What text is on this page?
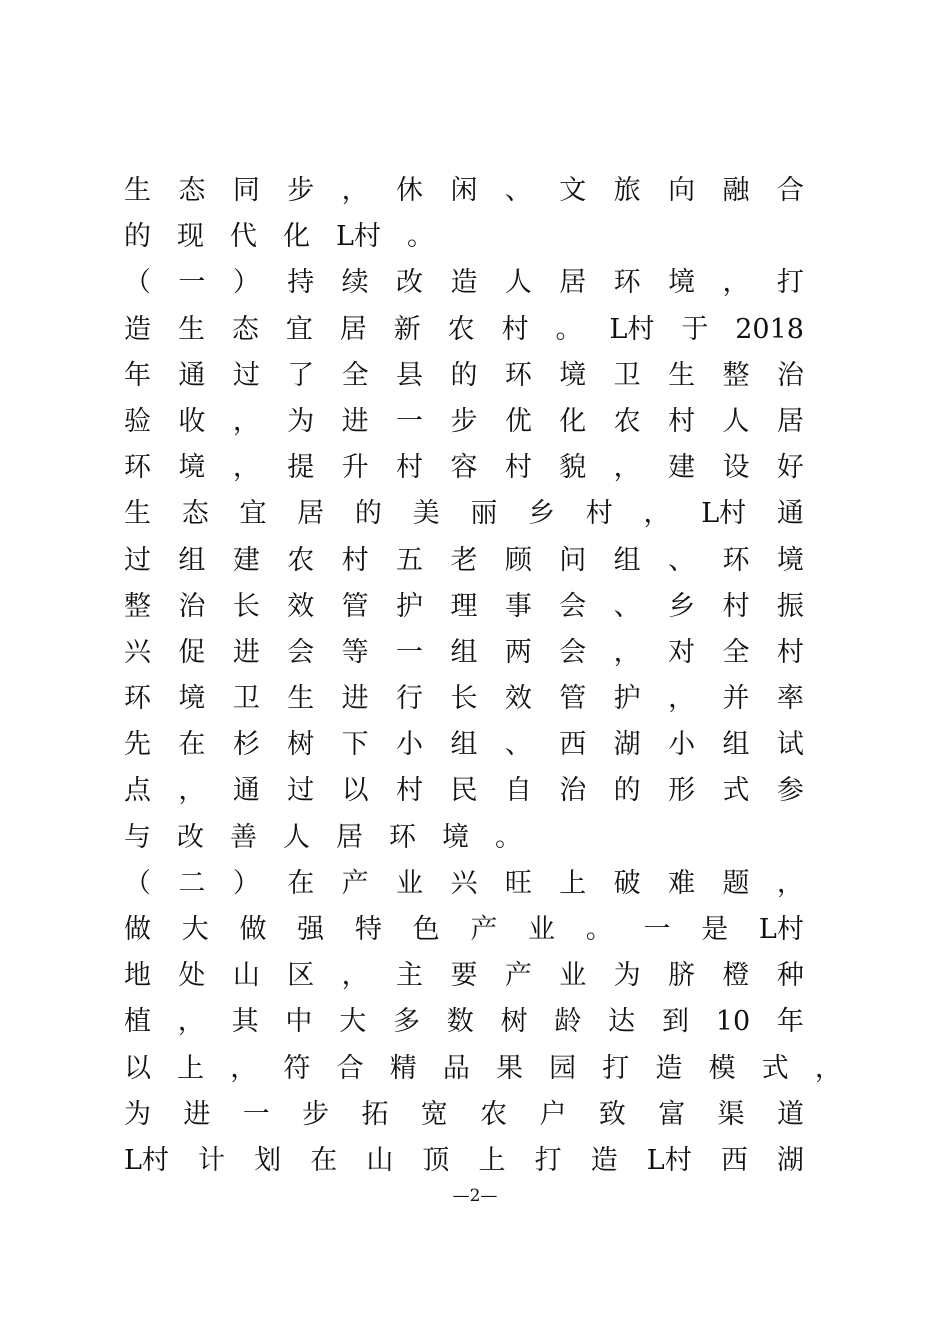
生 态 同 步 ， 休 闲 、 文 旅 向 融 合
的 现 代 化 L村 。
（ 一 ） 持 续 改 造 人 居 环 境 ， 打
造 生 态 宜 居 新 农 村 。 L村 于 2018
年 通 过 了 全 县 的 环 境 卫 生 整 治
验 收 ， 为 进 一 步 优 化 农 村 人 居
环 境 ， 提 升 村 容 村 貌 ， 建 设 好
生 态 宜 居 的 美 丽 乡 村 ， L村 通
过 组 建 农 村 五 老 顾 问 组 、 环 境
整 治 长 效 管 护 理 事 会 、 乡 村 振
兴 促 进 会 等 一 组 两 会 ， 对 全 村
环 境 卫 生 进 行 长 效 管 护 ， 并 率
先 在 杉 树 下 小 组 、 西 湖 小 组 试
点 ， 通 过 以 村 民 自 治 的 形 式 参
与 改 善 人 居 环 境 。
（ 二 ） 在 产 业 兴 旺 上 破 难 题 ，
做 大 做 强 特 色 产 业 。 一 是 L村
地 处 山 区 ， 主 要 产 业 为 脐 橙 种
植 ， 其 中 大 多 数 树 龄 达 到 10 年
以 上 ， 符 合 精 品 果 园 打 造 模 式 ，
为 进 一 步 拓 宽 农 户 致 富 渠 道
L村 计 划 在 山 顶 上 打 造 L村 西 湖
—2—
